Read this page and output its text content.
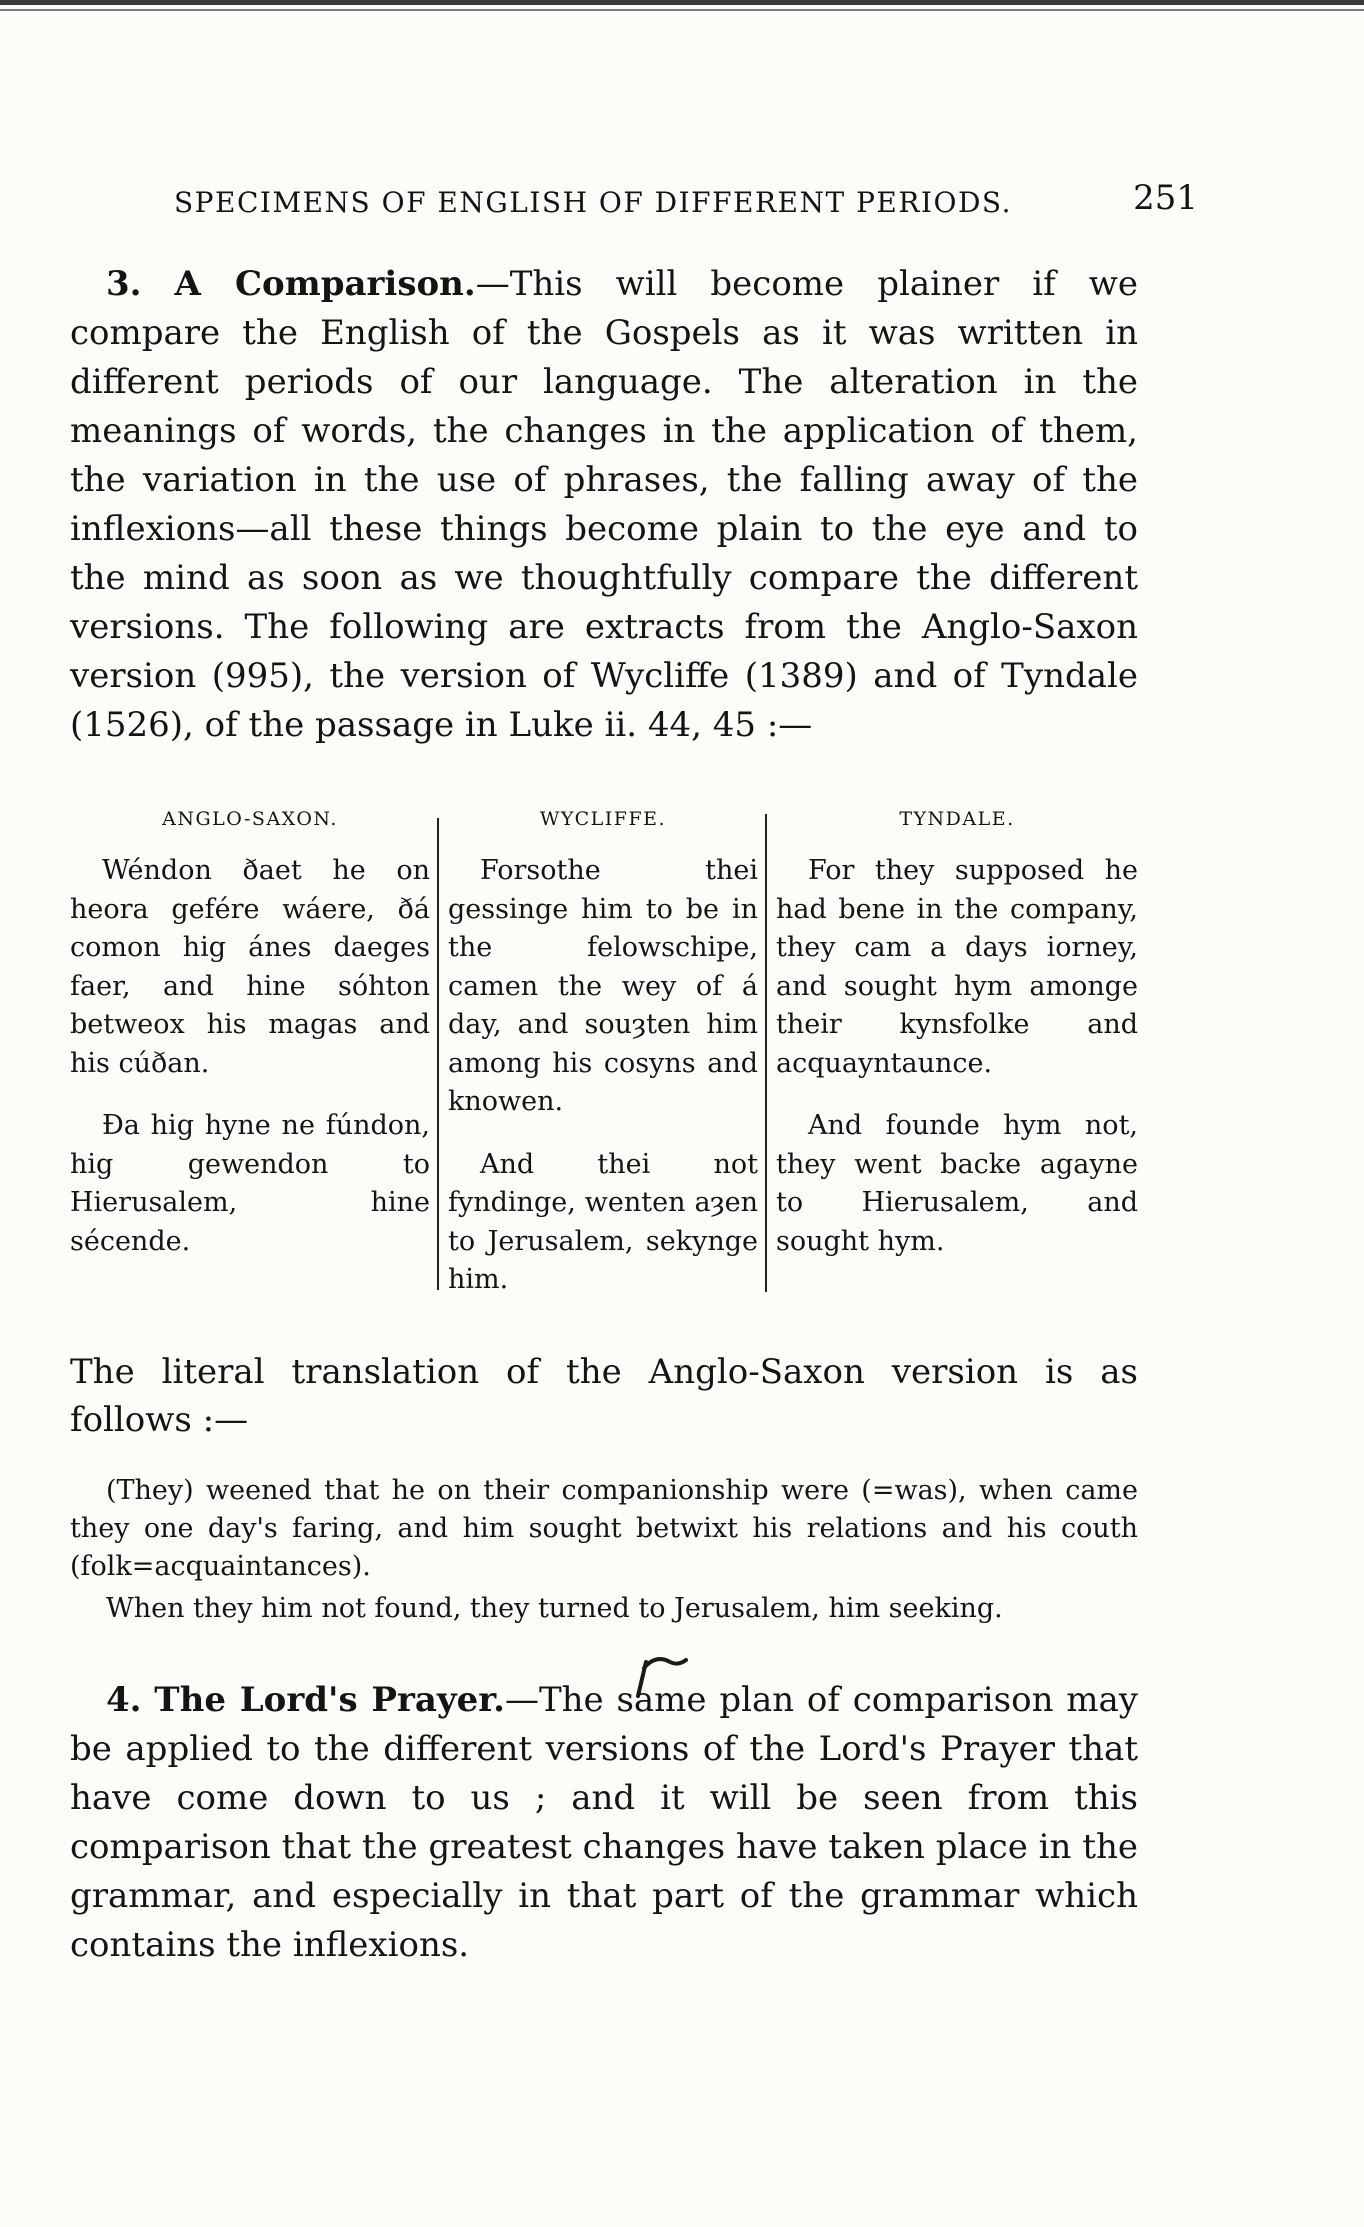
SPECIMENS OF ENGLISH OF DIFFERENT PERIODS.	251

3. A Comparison.—This will become plainer if we compare the English of the Gospels as it was written in different periods of our language. The alteration in the meanings of words, the changes in the application of them, the variation in the use of phrases, the falling away of the inflexions—all these things become plain to the eye and to the mind as soon as we thoughtfully compare the different versions. The following are extracts from the Anglo-Saxon version (995), the version of Wycliffe (1389) and of Tyndale (1526), of the passage in Luke ii. 44, 45 :—

ANGLO-SAXON.

Wéndon ðaet he on heora gefére wáere, ðá comon hig ánes daeges faer, and hine sóhton betweox his magas and his cúðan.

Ða hig hyne ne fúndon, hig gewendon to Hierusalem, hine sécende.

WYCLIFFE.

Forsothe thei gessinge him to be in the felowschipe, camen the wey of á day, and souȝten him among his cosyns and knowen.

And thei not fyndinge, wenten aȝen to Jerusalem, sekynge him.

TYNDALE.

For they supposed he had bene in the company, they cam a days iorney, and sought hym amonge their kynsfolke and acquayntaunce.

And founde hym not, they went backe agayne to Hierusalem, and sought hym.

The literal translation of the Anglo-Saxon version is as follows :—

(They) weened that he on their companionship were (=was), when came they one day's faring, and him sought betwixt his relations and his couth (folk=acquaintances).

When they him not found, they turned to Jerusalem, him seeking.

4. The Lord's Prayer.—The same plan of comparison may be applied to the different versions of the Lord's Prayer that have come down to us ; and it will be seen from this comparison that the greatest changes have taken place in the grammar, and especially in that part of the grammar which contains the inflexions.
